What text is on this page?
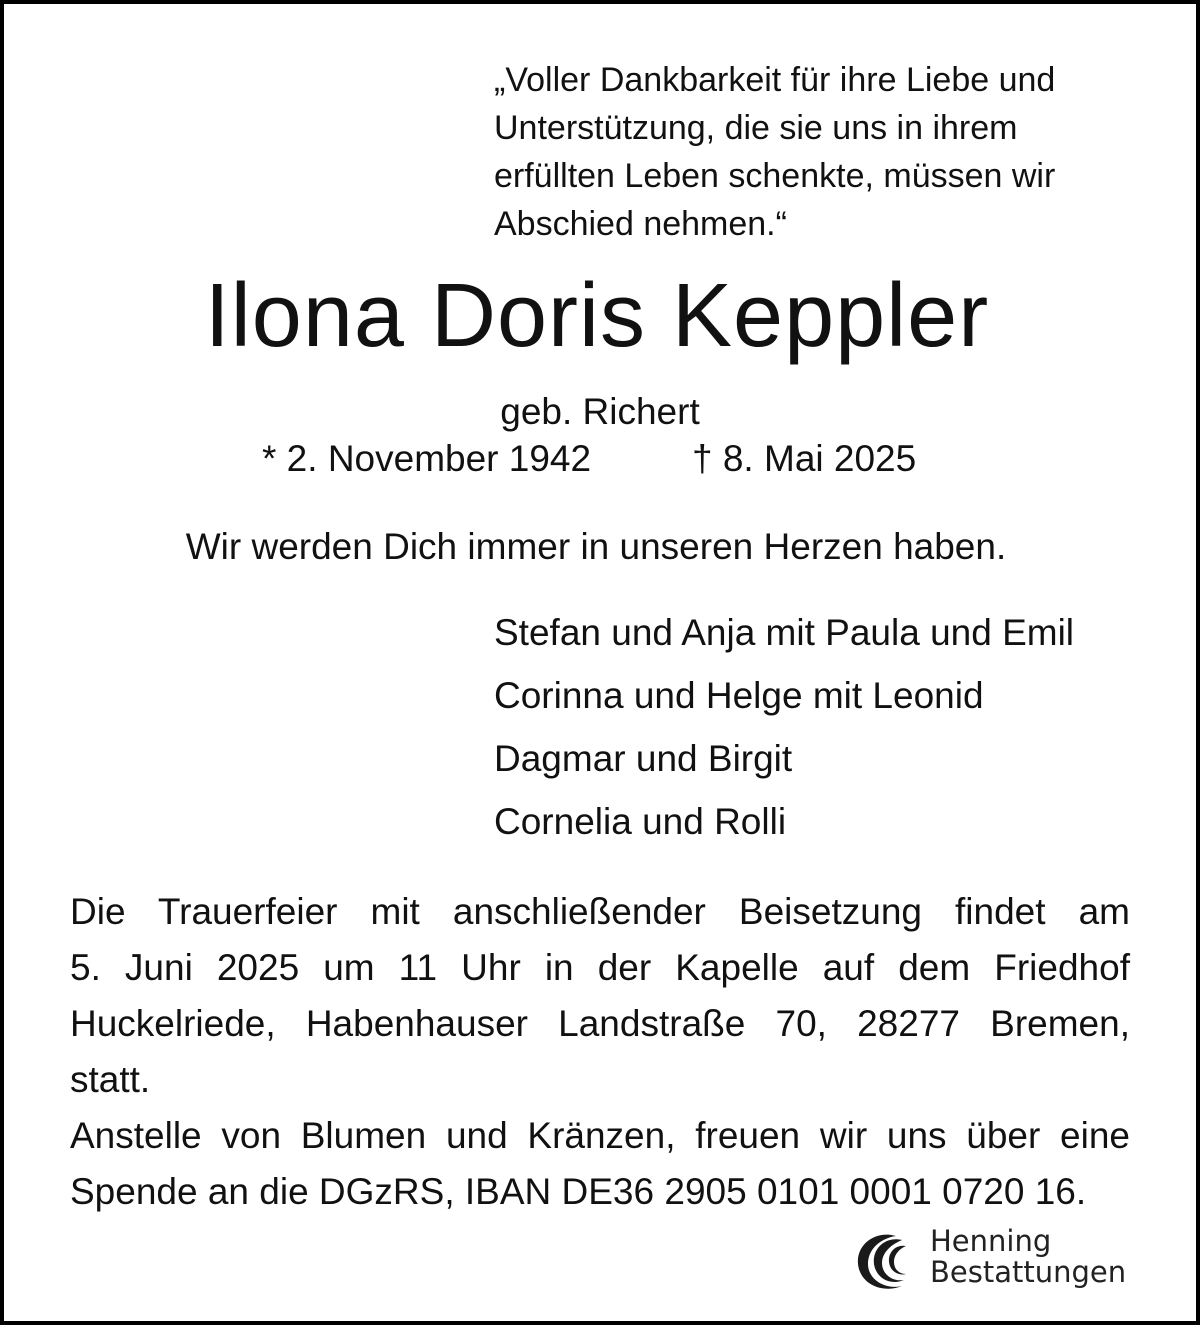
„Voller Dankbarkeit für ihre Liebe und
Unterstützung, die sie uns in ihrem
erfüllten Leben schenkte, müssen wir
Abschied nehmen.“
Ilona Doris Keppler
geb. Richert
* 2. November 1942	† 8. Mai 2025
Wir werden Dich immer in unseren Herzen haben.
Stefan und Anja mit Paula und Emil
Corinna und Helge mit Leonid
Dagmar und Birgit
Cornelia und Rolli

Die Trauerfeier mit anschließender Beisetzung findet am
5. Juni 2025 um 11 Uhr in der Kapelle auf dem Friedhof
Huckelriede, Habenhauser Landstraße 70, 28277 Bremen,
statt.

Anstelle von Blumen und Kränzen, freuen wir uns über eine
Spende an die DGzRS, IBAN DE36 2905 0101 0001 0720 16.

Henning
Bestattungen
